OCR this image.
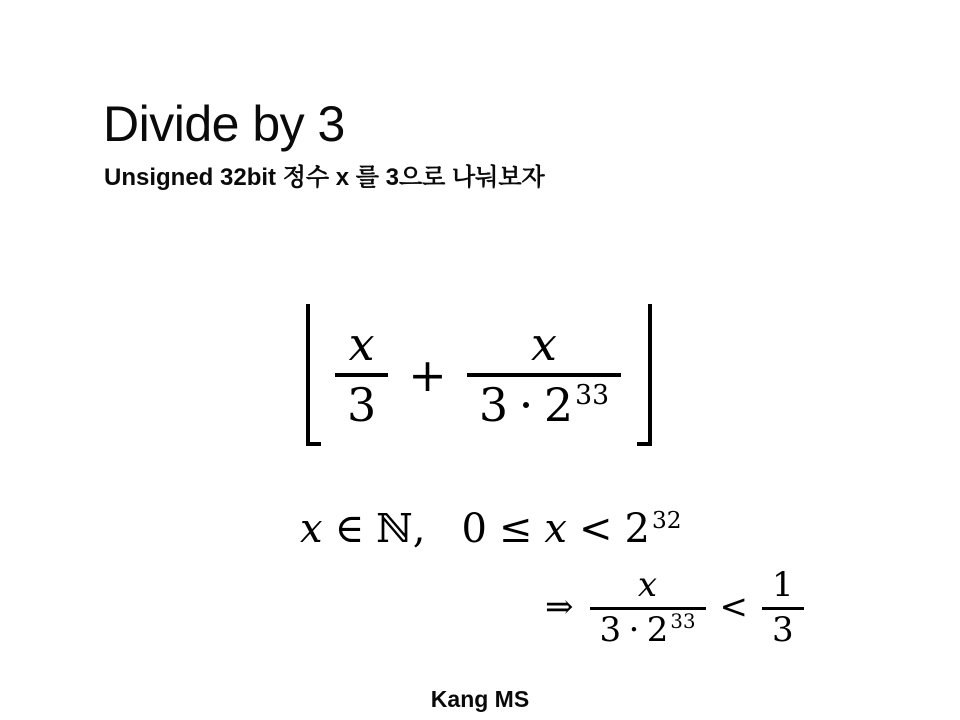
Divide by 3
Unsigned 32bit 정수 x 를 3으로 나눠보자
$\frac{x}{3} + \frac{x}{3 \cdot 2^{33}}$
x ∈ ℕ , 0 ≤ x < 2 32
⇒ $\frac{x}{3 \cdot 2 ^{33}} < \frac{1}{3}$
Kang MS
